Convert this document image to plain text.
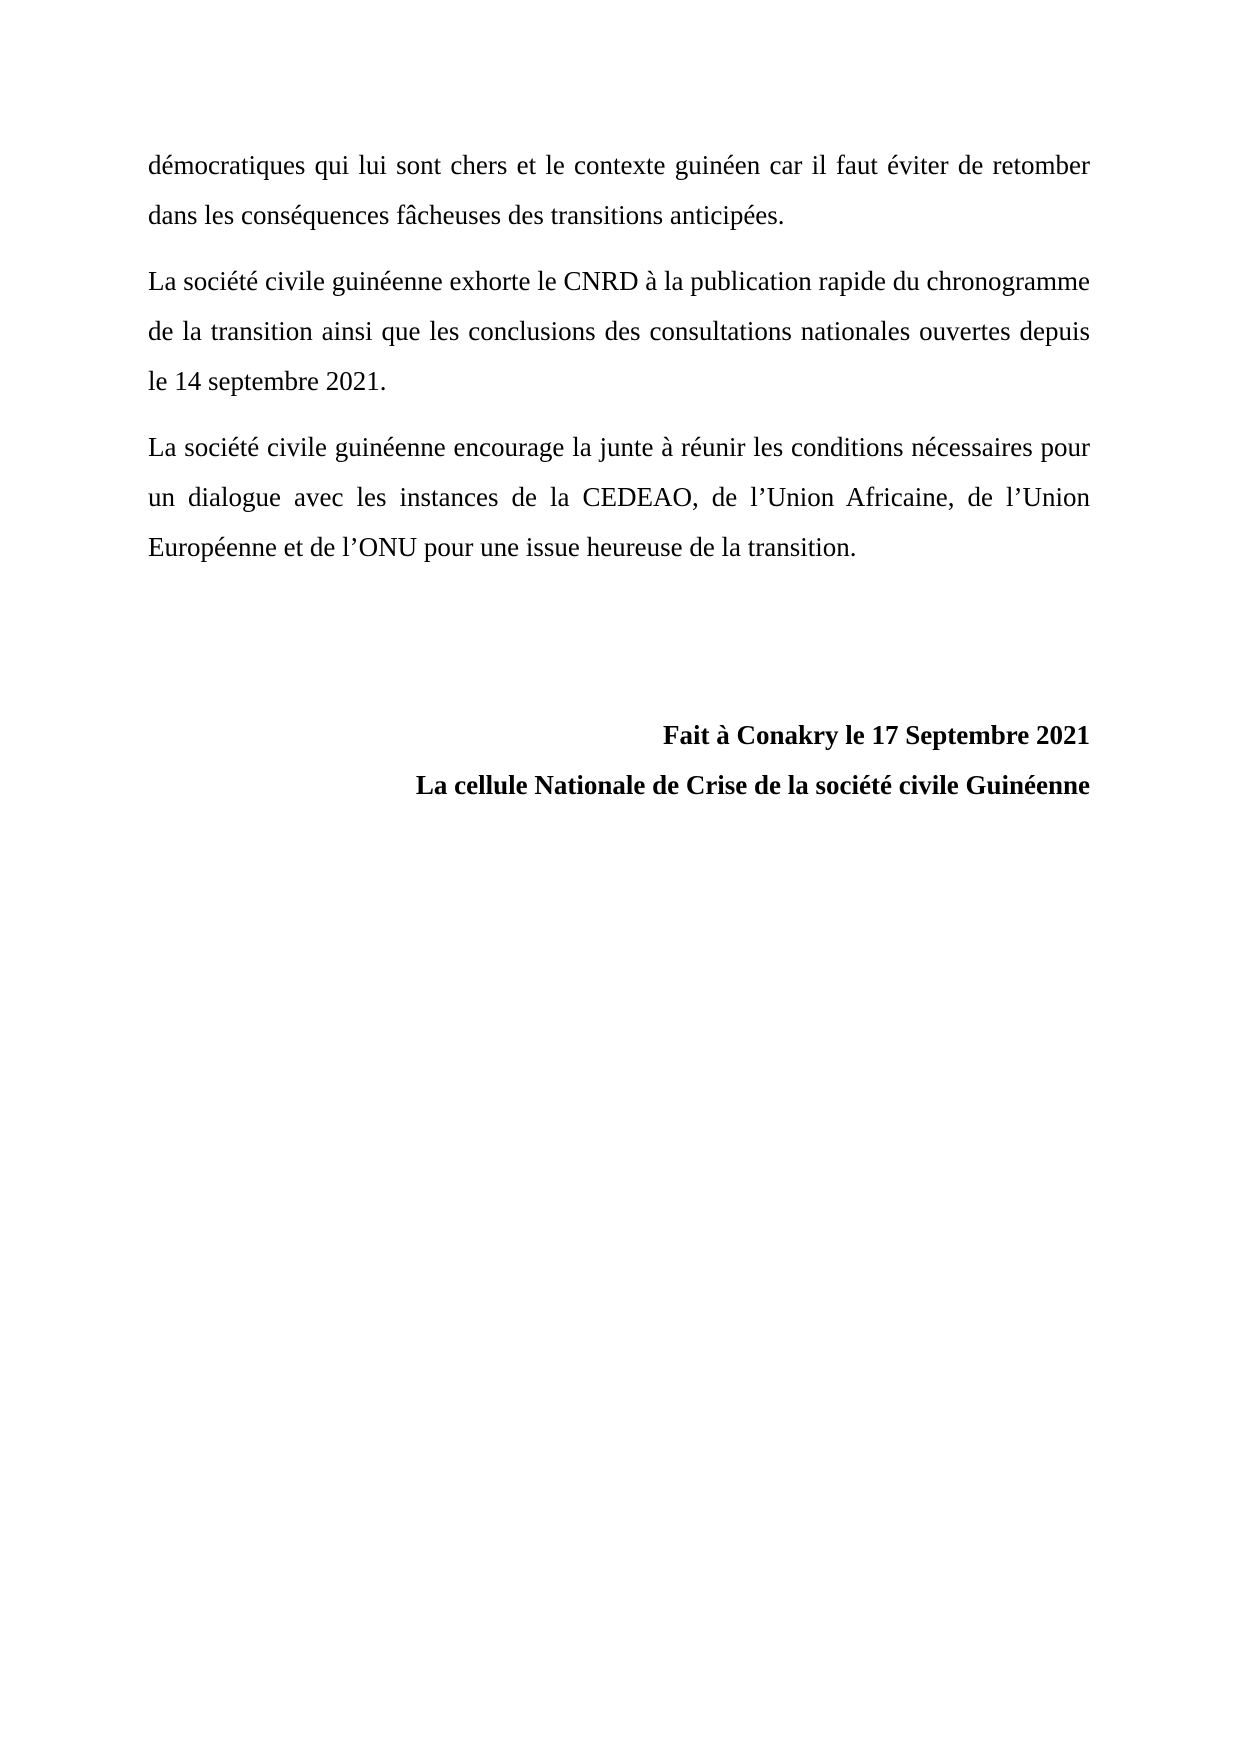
démocratiques qui lui sont chers et le contexte guinéen car il faut éviter de retomber dans les conséquences fâcheuses des transitions anticipées.

La société civile guinéenne exhorte le CNRD à la publication rapide du chronogramme de la transition ainsi que les conclusions des consultations nationales ouvertes depuis le 14 septembre 2021.

La société civile guinéenne encourage la junte à réunir les conditions nécessaires pour un dialogue avec les instances de la CEDEAO, de l’Union Africaine, de l’Union Européenne et de l’ONU pour une issue heureuse de la transition.

Fait à Conakry le 17 Septembre 2021
La cellule Nationale de Crise de la société civile Guinéenne
